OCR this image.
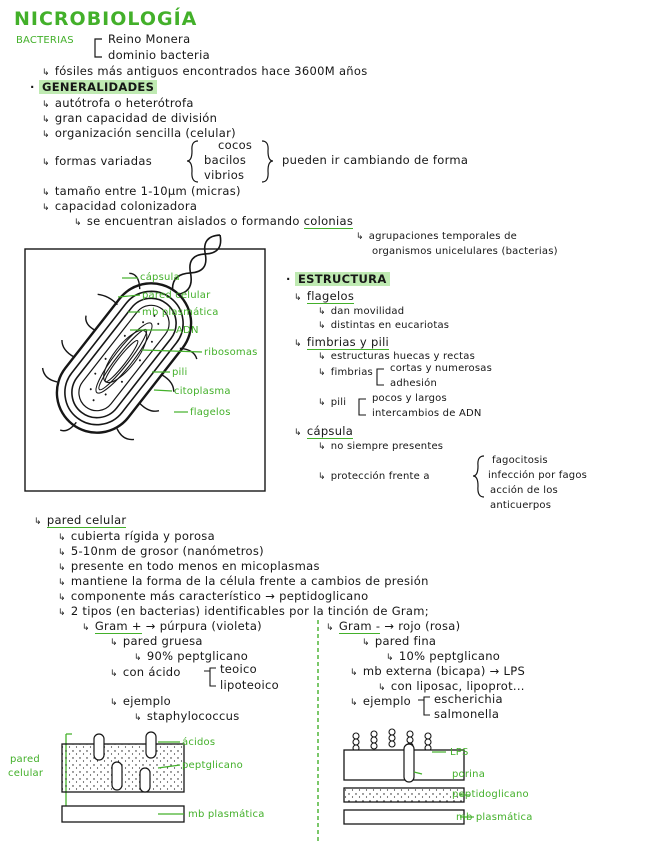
NICROBIOLOGÍA
BACTERIAS	Reino Monera
dominio bacteria
↳ fósiles más antiguos encontrados hace 3600M años
· GENERALIDADES
↳ autótrofa o heterótrofa
↳ gran capacidad de división
↳ organización sencilla (celular)
↳ formas variadas
cocos
bacilos
vibrios
pueden ir cambiando de forma
↳ tamaño entre 1-10μm (micras)
↳ capacidad colonizadora
↳ se encuentran aislados o formando colonias
↳ agrupaciones temporales de
organismos unicelulares (bacterias)
cápsula
pared celular
mb plasmática
ADN
ribosomas
pili
citoplasma
flagelos
· ESTRUCTURA
↳ flagelos
↳ dan movilidad
↳ distintas en eucariotas
↳ fimbrias y pili
↳ estructuras huecas y rectas
↳ fimbrias cortas y numerosas
adhesión
↳ pili	pocos y largos
intercambios de ADN
↳ cápsula
↳ no siempre presentes
↳ protección frente a
fagocitosis
infección por fagos
acción de los
anticuerpos
↳ pared celular
↳ cubierta rígida y porosa
↳ 5-10nm de grosor (nanómetros)
↳ presente en todo menos en micoplasmas
↳ mantiene la forma de la célula frente a cambios de presión
↳ componente más característico → peptidoglicano
↳ 2 tipos (en bacterias) identificables por la tinción de Gram;
↳ Gram + → púrpura (violeta)
↳ pared gruesa
↳ 90% peptglicano
↳ con ácido	teoico
lipoteoico
↳ ejemplo
↳ staphylococcus
↳ Gram - → rojo (rosa)
↳ pared fina
↳ 10% peptglicano
↳ mb externa (bicapa) → LPS
↳ con liposac, lipoprot...
↳ ejemplo escherichia
salmonella
pared
celular
ácidos
peptglicano
mb plasmática
LPS
porina
peptidoglicano
mb plasmática
